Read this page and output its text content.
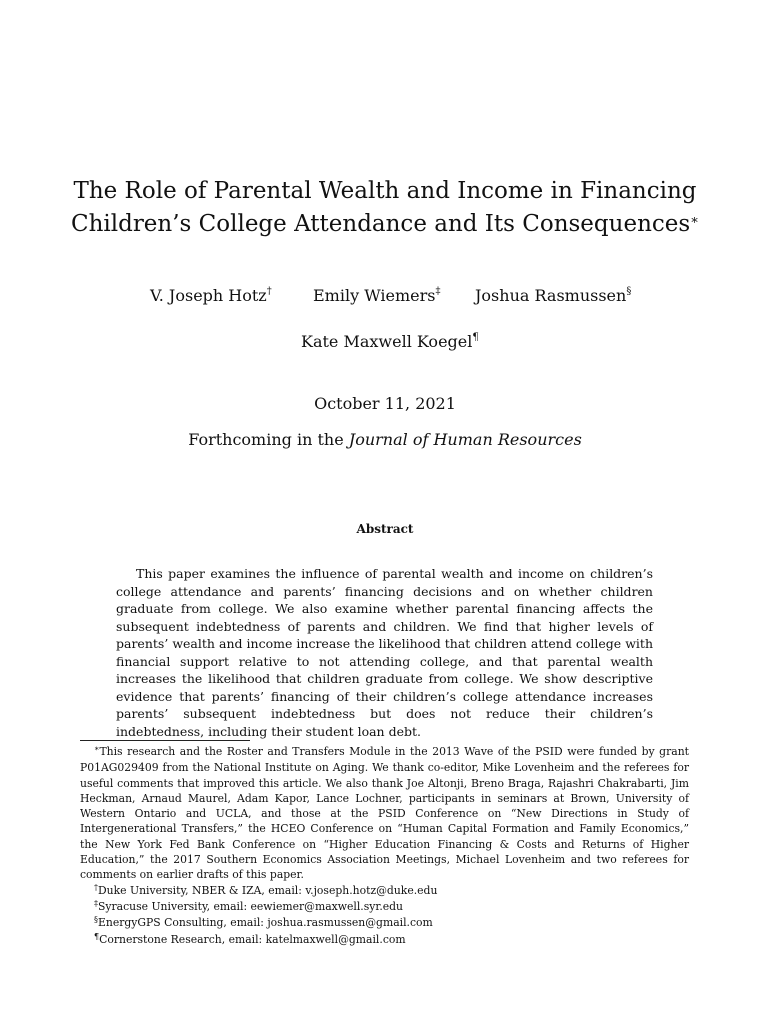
The Role of Parental Wealth and Income in Financing
Children’s College Attendance and Its Consequences∗
V. Joseph Hotz†	Emily Wiemers‡ Joshua Rasmussen§
Kate Maxwell Koegel¶
October 11, 2021
Forthcoming in the Journal of Human Resources
Abstract

This paper examines the influence of parental wealth and income on children’s college attendance and parents’ financing decisions and on whether children graduate from college. We also examine whether parental financing affects the subsequent indebtedness of parents and children. We find that higher levels of parents’ wealth and income increase the likelihood that children attend college with financial support relative to not attending college, and that parental wealth increases the likelihood that children graduate from college. We show descriptive evidence that parents’ financing of their children’s college attendance increases parents’ subsequent indebtedness but does not reduce their children’s indebtedness, including their student loan debt.

∗This research and the Roster and Transfers Module in the 2013 Wave of the PSID were funded by grant P01AG029409 from the National Institute on Aging. We thank co-editor, Mike Lovenheim and the referees for useful comments that improved this article. We also thank Joe Altonji, Breno Braga, Rajashri Chakrabarti, Jim Heckman, Arnaud Maurel, Adam Kapor, Lance Lochner, participants in seminars at Brown, University of Western Ontario and UCLA, and those at the PSID Conference on “New Directions in Study of Intergenerational Transfers,” the HCEO Conference on “Human Capital Formation and Family Economics,” the New York Fed Bank Conference on “Higher Education Financing & Costs and Returns of Higher Education,” the 2017 Southern Economics Association Meetings, Michael Lovenheim and two referees for comments on earlier drafts of this paper.

†Duke University, NBER & IZA, email: v.joseph.hotz@duke.edu

‡Syracuse University, email: eewiemer@maxwell.syr.edu

§EnergyGPS Consulting, email: joshua.rasmussen@gmail.com

¶Cornerstone Research, email: katelmaxwell@gmail.com
